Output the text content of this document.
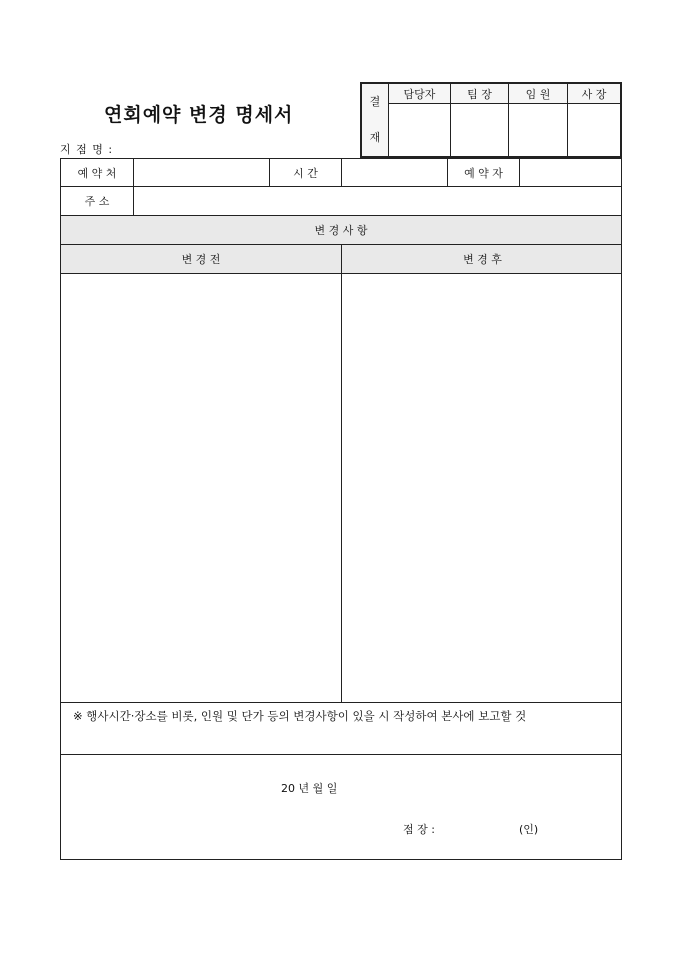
연회예약 변경 명세서
지 점 명 :
결
재	담당자	팀 장	임 원	사 장

예 약 처	시 간	예 약 자
주 소
변 경 사 항
변 경 전	변 경 후
※ 행사시간·장소를 비롯, 인원 및 단가 등의 변경사항이 있을 시 작성하여 본사에 보고할 것
20 년 월 일
점 장 :	(인)
